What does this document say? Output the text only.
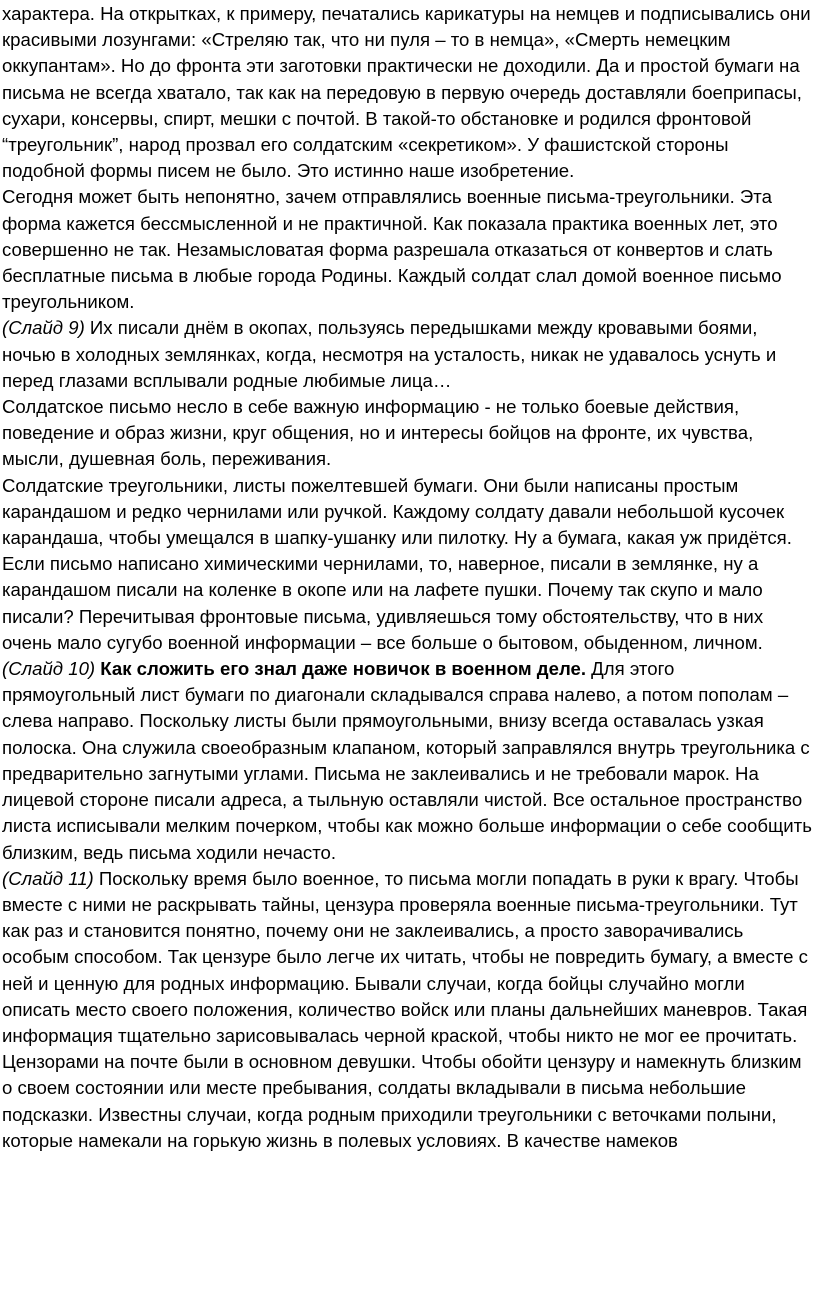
характера. На открытках, к примеру, печатались карикатуры на немцев и подписывались они красивыми лозунгами: «Стреляю так, что ни пуля – то в немца», «Смерть немецким оккупантам». Но до фронта эти заготовки практически не доходили. Да и простой бумаги на письма не всегда хватало, так как на передовую в первую очередь доставляли боеприпасы, сухари, консервы, спирт, мешки с почтой. В такой-то обстановке и родился фронтовой “треугольник”, народ прозвал его солдатским «секретиком». У фашистской стороны подобной формы писем не было. Это истинно наше изобретение.

Сегодня может быть непонятно, зачем отправлялись военные письма-треугольники. Эта форма кажется бессмысленной и не практичной. Как показала практика военных лет, это совершенно не так. Незамысловатая форма разрешала отказаться от конвертов и слать бесплатные письма в любые города Родины. Каждый солдат слал домой военное письмо треугольником.

(Слайд 9) Их писали днём в окопах, пользуясь передышками между кровавыми боями, ночью в холодных землянках, когда, несмотря на усталость, никак не удавалось уснуть и перед глазами всплывали родные любимые лица…

Солдатское письмо несло в себе важную информацию - не только боевые действия, поведение и образ жизни, круг общения, но и интересы бойцов на фронте, их чувства, мысли, душевная боль, переживания.

Солдатские треугольники, листы пожелтевшей бумаги. Они были написаны простым карандашом и редко чернилами или ручкой. Каждому солдату давали небольшой кусочек карандаша, чтобы умещался в шапку-ушанку или пилотку. Ну а бумага, какая уж придётся. Если письмо написано химическими чернилами, то, наверное, писали в землянке, ну а карандашом писали на коленке в окопе или на лафете пушки. Почему так скупо и мало писали? Перечитывая фронтовые письма, удивляешься тому обстоятельству, что в них очень мало сугубо военной информации – все больше о бытовом, обыденном, личном.

(Слайд 10) Как сложить его знал даже новичок в военном деле. Для этого прямоугольный лист бумаги по диагонали складывался справа налево, а потом пополам – слева направо. Поскольку листы были прямоугольными, внизу всегда оставалась узкая полоска. Она служила своеобразным клапаном, который заправлялся внутрь треугольника с предварительно загнутыми углами. Письма не заклеивались и не требовали марок. На лицевой стороне писали адреса, а тыльную оставляли чистой. Все остальное пространство листа исписывали мелким почерком, чтобы как можно больше информации о себе сообщить близким, ведь письма ходили нечасто.

(Слайд 11) Поскольку время было военное, то письма могли попадать в руки к врагу. Чтобы вместе с ними не раскрывать тайны, цензура проверяла военные письма-треугольники. Тут как раз и становится понятно, почему они не заклеивались, а просто заворачивались особым способом. Так цензуре было легче их читать, чтобы не повредить бумагу, а вместе с ней и ценную для родных информацию. Бывали случаи, когда бойцы случайно могли описать место своего положения, количество войск или планы дальнейших маневров. Такая информация тщательно зарисовывалась черной краской, чтобы никто не мог ее прочитать. Цензорами на почте были в основном девушки. Чтобы обойти цензуру и намекнуть близким о своем состоянии или месте пребывания, солдаты вкладывали в письма небольшие подсказки. Известны случаи, когда родным приходили треугольники с веточками полыни, которые намекали на горькую жизнь в полевых условиях. В качестве намеков
